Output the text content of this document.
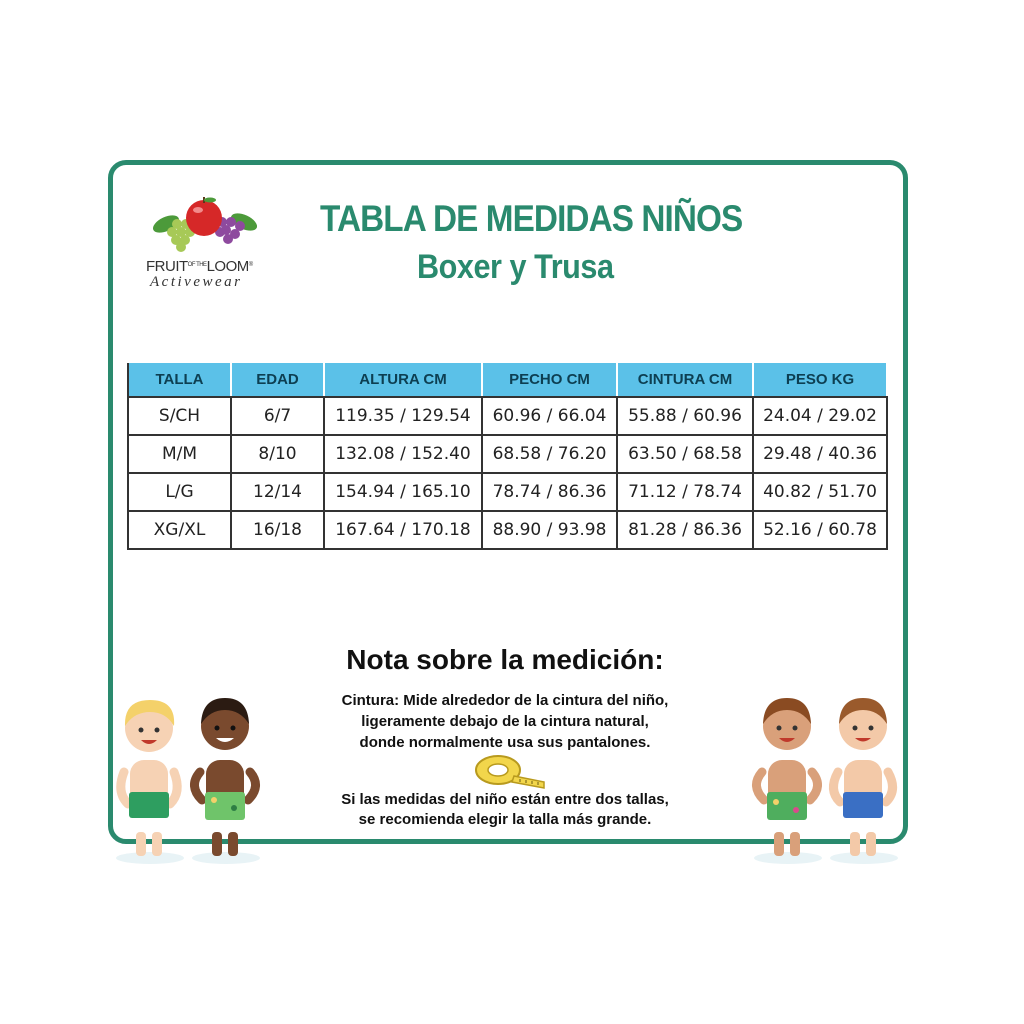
$FRUIT^{OF THE}LOOM®$
Activewear
TABLA DE MEDIDAS NIÑOS
Boxer y Trusa
TALLA	EDAD	ALTURA CM	PECHO CM	CINTURA CM	PESO KG
S/CH	6/7	119.35 / 129.54	60.96 / 66.04	55.88 / 60.96	24.04 / 29.02
M/M	8/10	132.08 / 152.40	68.58 / 76.20	63.50 / 68.58	29.48 / 40.36
L/G	12/14	154.94 / 165.10	78.74 / 86.36	71.12 / 78.74	40.82 / 51.70
XG/XL	16/18	167.64 / 170.18	88.90 / 93.98	81.28 / 86.36	52.16 / 60.78
Nota sobre la medición:
Cintura: Mide alrededor de la cintura del niño,
ligeramente debajo de la cintura natural,
donde normalmente usa sus pantalones.
Si las medidas del niño están entre dos tallas,
se recomienda elegir la talla más grande.
